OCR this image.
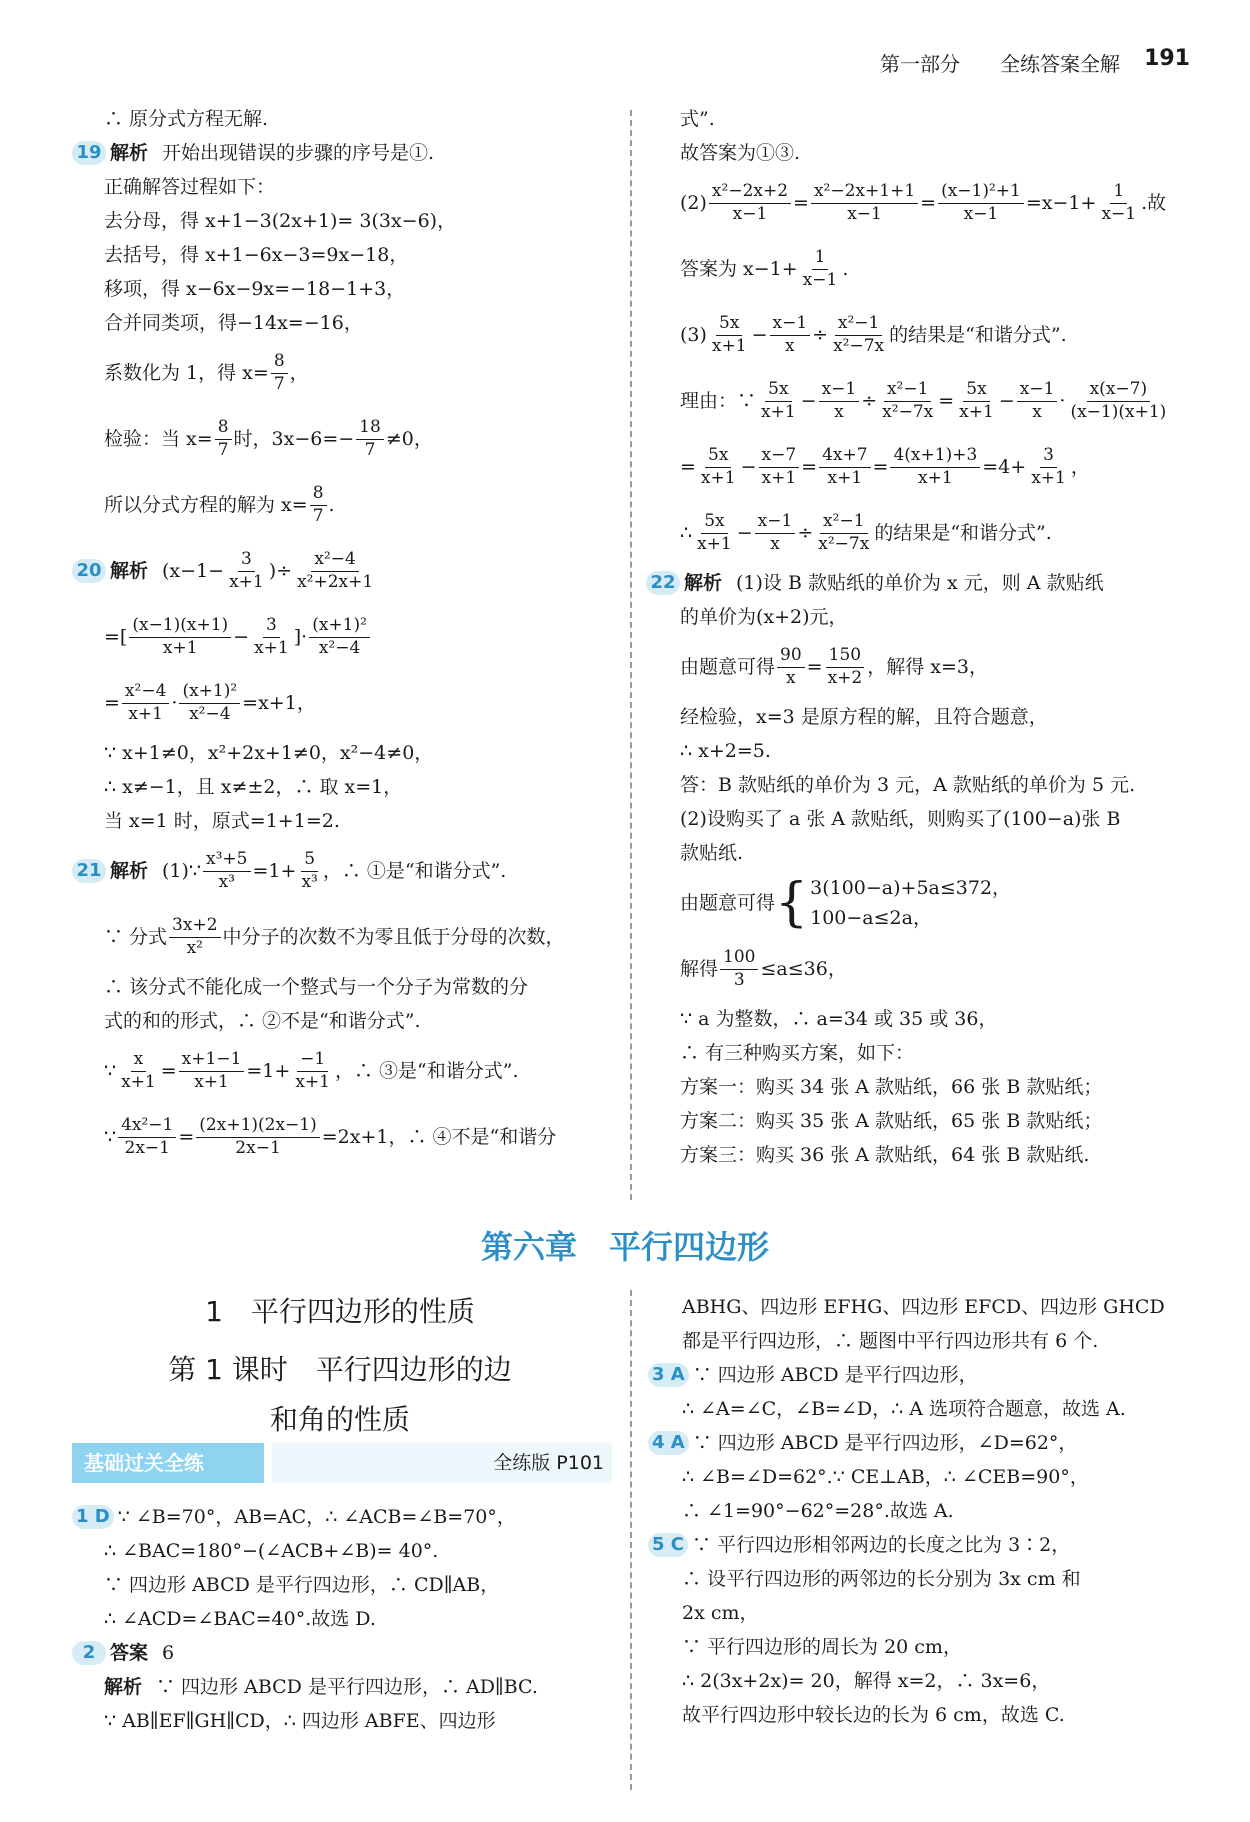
第一部分 全练答案全解 191
∴ 原分式方程无解.
19 解析 开始出现错误的步骤的序号是①.
正确解答过程如下：
去分母，得 x+1−3(2x+1)= 3(3x−6)，
去括号，得 x+1−6x−3=9x−18，
移项，得 x−6x−9x=−18−1+3，
合并同类项，得−14x=−16，
系数化为 1，得 $x= \frac{8}{7}$ ，
检验：当 $x= \frac{8}{7}$ 时，$3x-6=- \frac{18}{7} \ne 0$，
所以分式方程的解为 $x= \frac{8}{7}$ .
20 解析 ($x-1- \frac{3}{x+1}$ )÷ $\frac{\text{x²−4}}{\text{x²+2x+1}}$
=[ $\frac{(x-1)(x+1)}{x+1} - \frac{3}{x+1}$ ]· $\frac{\text{(x+1)²}}{\text{x²−4}}$
= $\frac{\text{x²−4}}{x+1} \cdot \frac{\text{(x+1)²}}{\text{x²−4}} =x+1$，
∵ x+1≠0，x²+2x+1≠0，x²−4≠0，
∴ x≠−1，且 x≠±2，∴ 取 x=1，
当 x=1 时，原式=1+1=2.
21 解析 (1)∵ $\frac{\text{x³+5}}{\text{x³}} =1+ \frac{5}{\text{x³}}$ ，∴ ①是“和谐分式”.
∵ 分式 $\frac{3x+2}{\text{x²}}$ 中分子的次数不为零且低于分母的次数，
∴ 该分式不能化成一个整式与一个分子为常数的分
式的和的形式，∴ ②不是“和谐分式”.
∵ $\frac{x}{x+1} = \frac{x+1-1}{x+1} =1+ \frac{-1}{x+1}$ ，∴ ③是“和谐分式”.
∵ $\frac{\text{4x²−1}}{2x-1} = \frac{(2x+1)(2x-1)}{2x-1} =2x+1$，∴ ④不是“和谐分
式”.
故答案为①③.
$(2) \frac{\text{x²−2x+2}}{x-1} = \frac{\text{x²−2x+1+1}}{x-1} = \frac{\text{(x−1)²+1}}{x-1} =x-1+ \frac{1}{x-1}$ .故
答案为 $x-1+ \frac{1}{x-1}$ .
$(3) \frac{5x}{x+1} - \frac{x-1}{x} \div \frac{\text{x²−1}}{\text{x²−7x}}$ 的结果是“和谐分式”.
理由：∵ $\frac{5x}{x+1} - \frac{x-1}{x} \div \frac{\text{x²−1}}{\text{x²−7x}} = \frac{5x}{x+1} - \frac{x-1}{x} \cdot \frac{x(x-7)}{(x-1)(x+1)}$
= $\frac{5x}{x+1} - \frac{x-7}{x+1} = \frac{4x+7}{x+1} = \frac{4(x+1)+3}{x+1} =4+ \frac{3}{x+1}$ ，
∴ $\frac{5x}{x+1} - \frac{x-1}{x} \div \frac{\text{x²−1}}{\text{x²−7x}}$ 的结果是“和谐分式”.
22 解析 (1)设 B 款贴纸的单价为 x 元，则 A 款贴纸
的单价为(x+2)元，
由题意可得 $\frac{90}{x} = \frac{150}{x+2}$ ，解得 x=3，
经检验，x=3 是原方程的解，且符合题意，
∴ x+2=5.
答：B 款贴纸的单价为 3 元，A 款贴纸的单价为 5 元.
(2)设购买了 a 张 A 款贴纸，则购买了(100−a)张 B
款贴纸.
由题意可得 { 3(100−a)+5a≤372，
100−a≤2a，
解得 $\frac{100}{3} \le a\le 36$，
∵ a 为整数，∴ a=34 或 35 或 36，
∴ 有三种购买方案，如下：
方案一：购买 34 张 A 款贴纸，66 张 B 款贴纸；
方案二：购买 35 张 A 款贴纸，65 张 B 款贴纸；
方案三：购买 36 张 A 款贴纸，64 张 B 款贴纸.
第六章　平行四边形
1　平行四边形的性质
第 1 课时　平行四边形的边
和角的性质
基础过关全练	全练版 P101
1 D ∵ ∠B=70°，AB=AC，∴ ∠ACB=∠B=70°，
∴ ∠BAC=180°−(∠ACB+∠B)= 40°.
∵ 四边形 ABCD 是平行四边形，∴ CD∥AB，
∴ ∠ACD=∠BAC=40°.故选 D.
2 答案 6
解析 ∵ 四边形 ABCD 是平行四边形，∴ AD∥BC.
∵ AB∥EF∥GH∥CD，∴ 四边形 ABFE、四边形
ABHG、四边形 EFHG、四边形 EFCD、四边形 GHCD
都是平行四边形，∴ 题图中平行四边形共有 6 个.
3 A ∵ 四边形 ABCD 是平行四边形，
∴ ∠A=∠C，∠B=∠D，∴ A 选项符合题意，故选 A.
4 A ∵ 四边形 ABCD 是平行四边形，∠D=62°，
∴ ∠B=∠D=62°.∵ CE⊥AB，∴ ∠CEB=90°，
∴ ∠1=90°−62°=28°.故选 A.
5 C ∵ 平行四边形相邻两边的长度之比为 3∶2，
∴ 设平行四边形的两邻边的长分别为 3x cm 和
2x cm，
∵ 平行四边形的周长为 20 cm，
∴ 2(3x+2x)= 20，解得 x=2，∴ 3x=6，
故平行四边形中较长边的长为 6 cm，故选 C.
